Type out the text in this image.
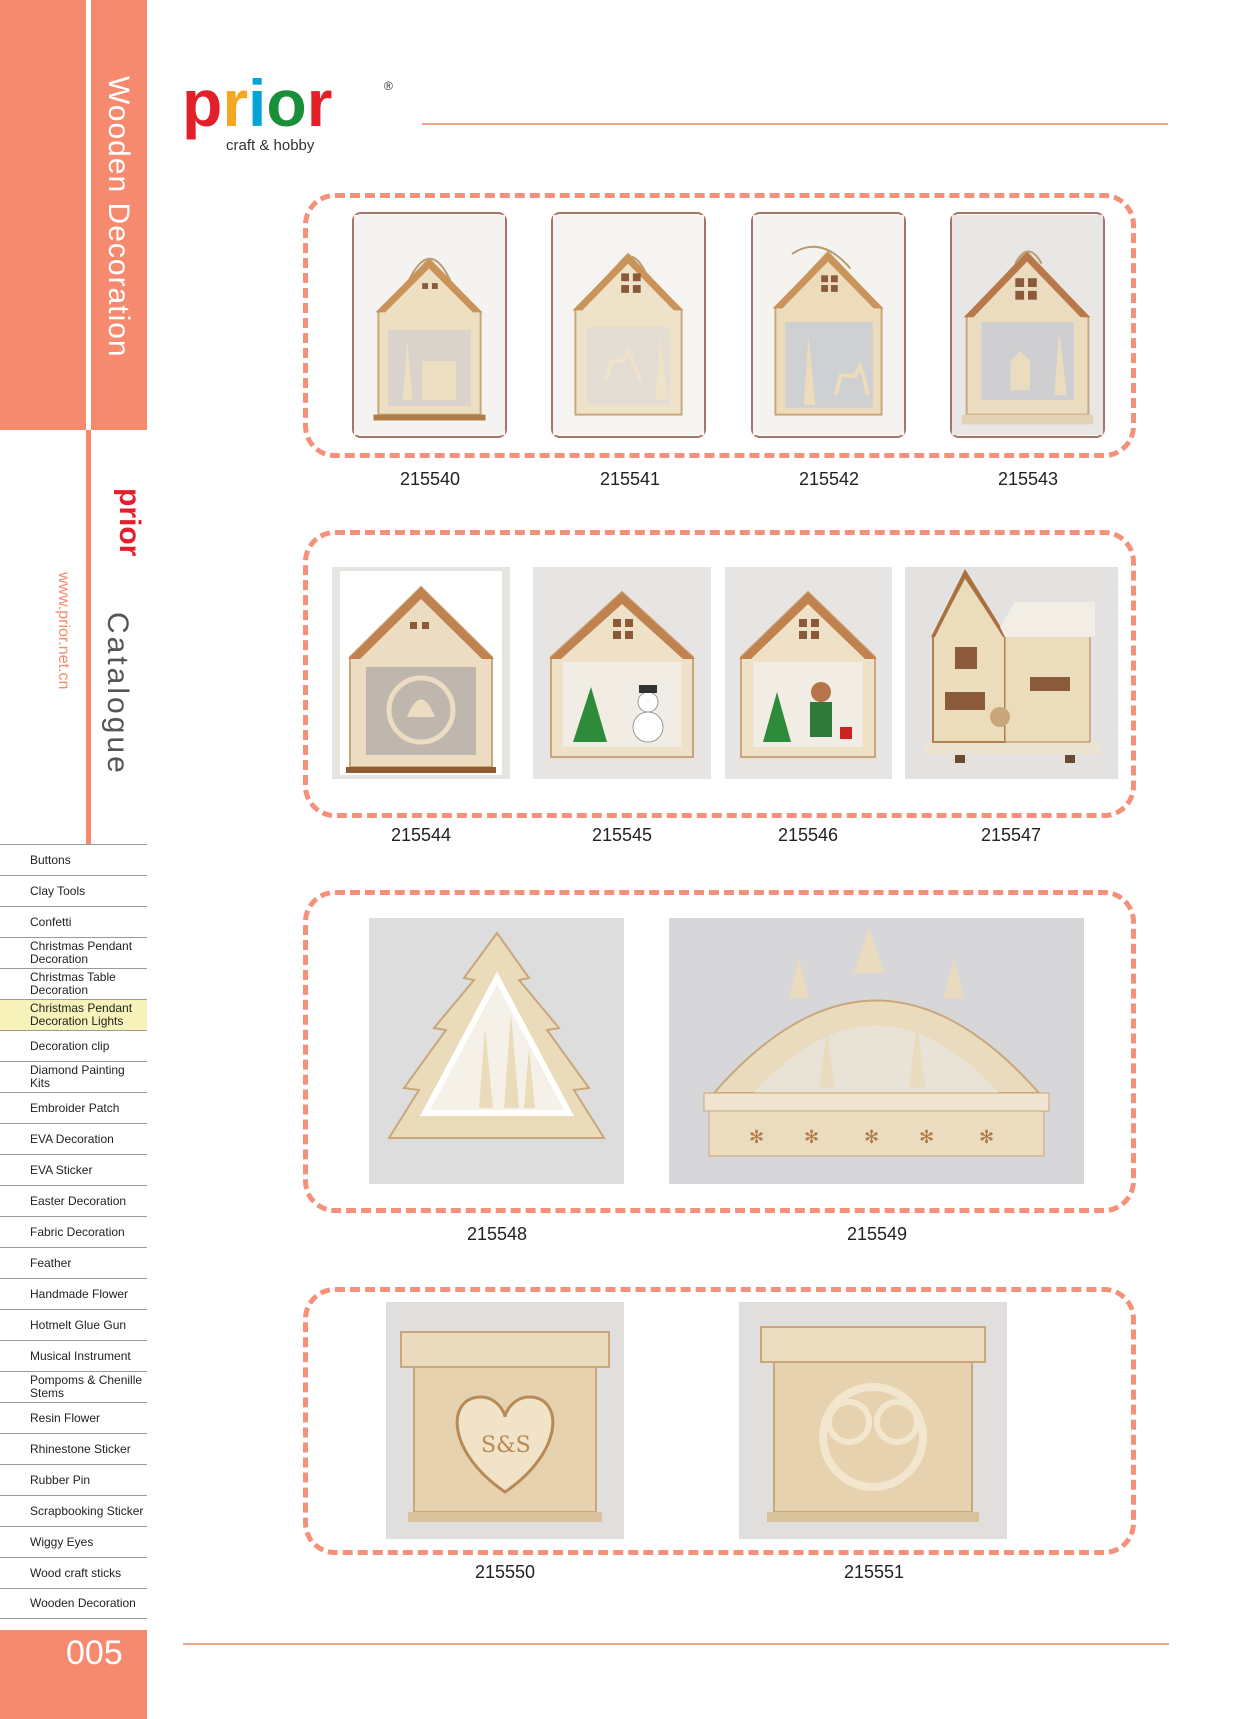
Wooden Decoration
prior
Catalogue
www.prior.net.cn
Buttons
Clay Tools
Confetti
Christmas Pendant Decoration
Christmas Table Decoration
Christmas Pendant Decoration Lights
Decoration clip
Diamond Painting Kits
Embroider Patch
EVA Decoration
EVA Sticker
Easter Decoration
Fabric Decoration
Feather
Handmade Flower
Hotmelt Glue Gun
Musical Instrument
Pompoms & Chenille Stems
Resin Flower
Rhinestone Sticker
Rubber Pin
Scrapbooking Sticker
Wiggy Eyes
Wood craft sticks
Wooden Decoration
005
prior	®
craft & hobby
215540	215541	215542	215543
215544	215545	215546	215547
✻ ✻ ✻ ✻ ✻
215548	215549
S&S
215550	215551
